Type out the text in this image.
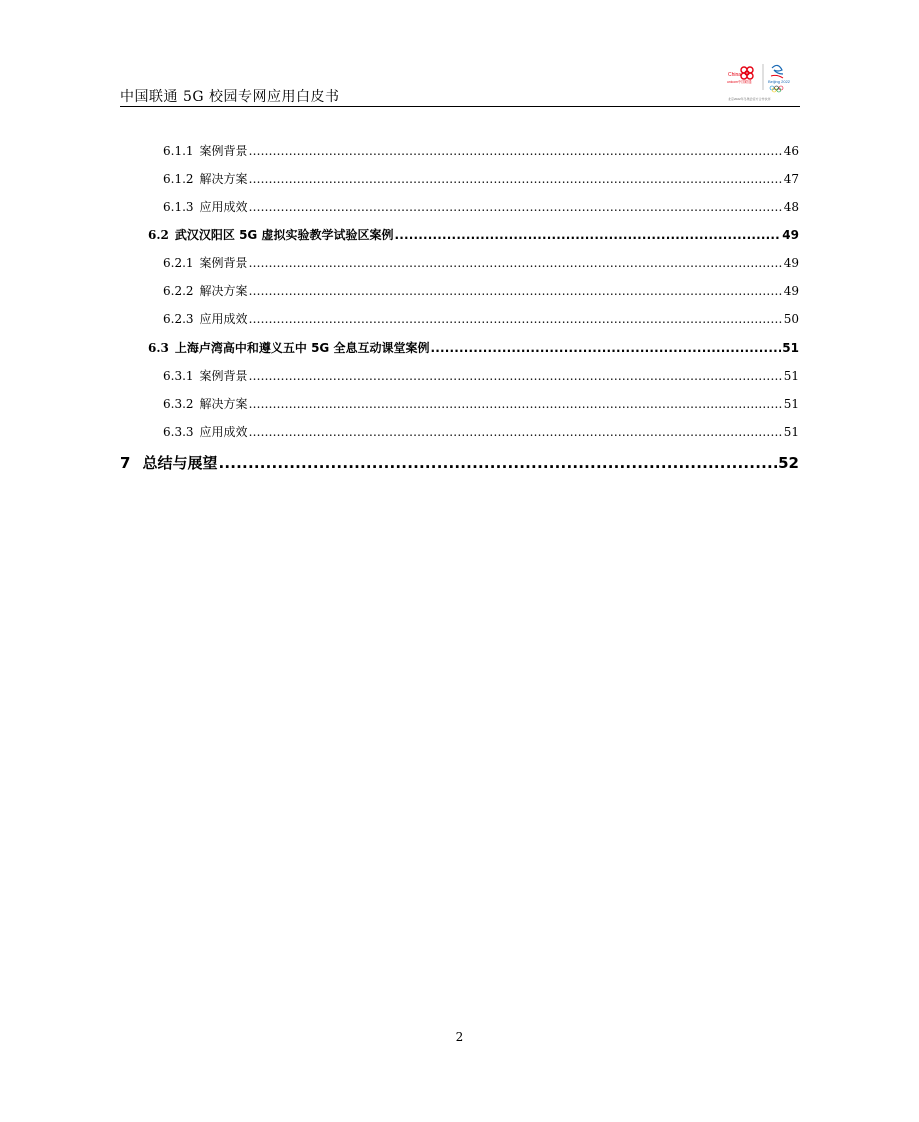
中国联通 5G 校园专网应用白皮书
China
unicom中国联通	Beijing 2022
北京2022年冬奥会官方合作伙伴
6.1.1 案例背景 .....	46
6.1.2 解决方案 .....	47
6.1.3 应用成效 .....	48
6.2 武汉汉阳区 5G 虚拟实验教学试验区案例 .....	49
6.2.1 案例背景 .....	49
6.2.2 解决方案 .....	49
6.2.3 应用成效 .....	50
6.3 上海卢湾高中和遵义五中 5G 全息互动课堂案例 .....	51
6.3.1 案例背景 .....	51
6.3.2 解决方案 .....	51
6.3.3 应用成效 .....	51
7 总结与展望 .....	52
2
